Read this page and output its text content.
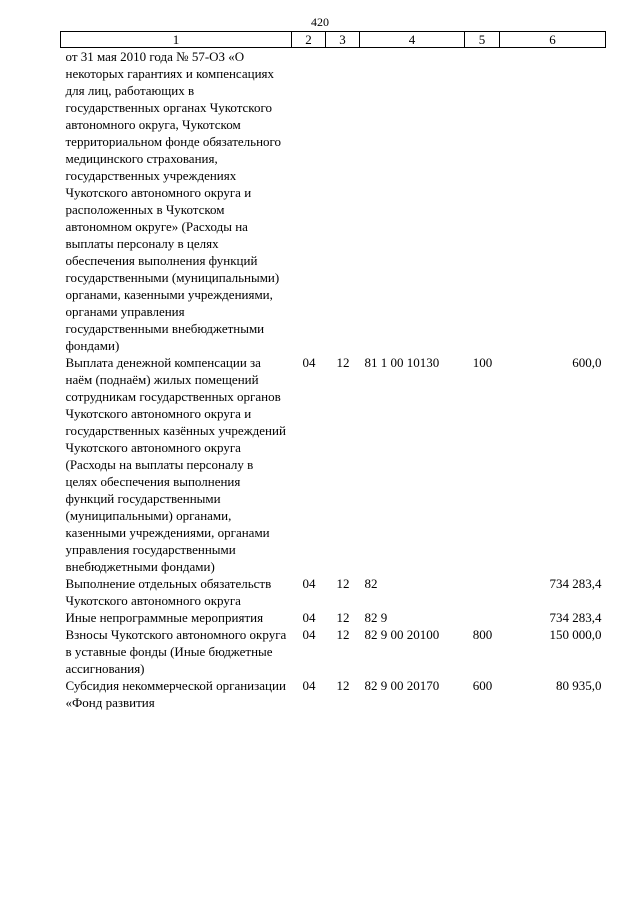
420
1	2	3	4	5	6
от 31 мая 2010 года № 57-ОЗ «О некоторых гарантиях и компенсациях для лиц, работающих в государственных органах Чукотского автономного округа, Чукотском территориальном фонде обязательного медицинского страхования, государственных учреждениях Чукотского автономного округа и расположенных в Чукотском автономном округе» (Расходы на выплаты персоналу в целях обеспечения выполнения функций государственными (муниципальными) органами, казенными учреждениями, органами управления государственными внебюджетными фондами)					
Выплата денежной компенсации за наём (поднаём) жилых помещений сотрудникам государственных органов Чукотского автономного округа и государственных казённых учреждений Чукотского автономного округа (Расходы на выплаты персоналу в целях обеспечения выполнения функций государственными (муниципальными) органами, казенными учреждениями, органами управления государственными внебюджетными фондами)	04	12	81 1 00 10130	100	600,0
Выполнение отдельных обязательств Чукотского автономного округа	04	12	82		734 283,4
Иные непрограммные мероприятия	04	12	82 9		734 283,4
Взносы Чукотского автономного округа в уставные фонды (Иные бюджетные ассигнования)	04	12	82 9 00 20100	800	150 000,0
Субсидия некоммерческой организации «Фонд развития	04	12	82 9 00 20170	600	80 935,0
